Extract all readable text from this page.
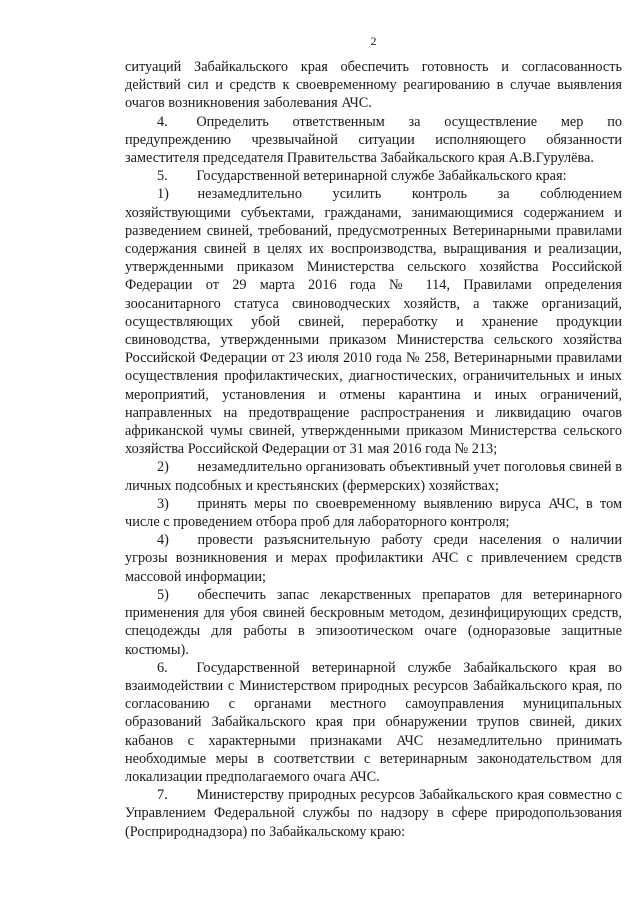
2

ситуаций Забайкальского края обеспечить готовность и согласованность действий сил и средств к своевременному реагированию в случае выявления очагов возникновения заболевания АЧС.

4.  Определить ответственным за осуществление мер по предупреждению чрезвычайной ситуации исполняющего обязанности заместителя председателя Правительства Забайкальского края А.В.Гурулёва.

5.  Государственной ветеринарной службе Забайкальского края:

1)  незамедлительно усилить контроль за соблюдением хозяйствующими субъектами, гражданами, занимающимися содержанием и разведением свиней, требований, предусмотренных Ветеринарными правилами содержания свиней в целях их воспроизводства, выращивания и реализации, утвержденными приказом Министерства сельского хозяйства Российской Федерации от 29 марта 2016 года № 114, Правилами определения зоосанитарного статуса свиноводческих хозяйств, а также организаций, осуществляющих убой свиней, переработку и хранение продукции свиноводства, утвержденными приказом Министерства сельского хозяйства Российской Федерации от 23 июля 2010 года № 258, Ветеринарными правилами осуществления профилактических, диагностических, ограничительных и иных мероприятий, установления и отмены карантина и иных ограничений, направленных на предотвращение распространения и ликвидацию очагов африканской чумы свиней, утвержденными приказом Министерства сельского хозяйства Российской Федерации от 31 мая 2016 года № 213;

2)  незамедлительно организовать объективный учет поголовья свиней в личных подсобных и крестьянских (фермерских) хозяйствах;

3)  принять меры по своевременному выявлению вируса АЧС, в том числе с проведением отбора проб для лабораторного контроля;

4)  провести разъяснительную работу среди населения о наличии угрозы возникновения и мерах профилактики АЧС с привлечением средств массовой информации;

5)  обеспечить запас лекарственных препаратов для ветеринарного применения для убоя свиней бескровным методом, дезинфицирующих средств, спецодежды для работы в эпизоотическом очаге (одноразовые защитные костюмы).

6.  Государственной ветеринарной службе Забайкальского края во взаимодействии с Министерством природных ресурсов Забайкальского края, по согласованию с органами местного самоуправления муниципальных образований Забайкальского края при обнаружении трупов свиней, диких кабанов с характерными признаками АЧС незамедлительно принимать необходимые меры в соответствии с ветеринарным законодательством для локализации предполагаемого очага АЧС.

7.  Министерству природных ресурсов Забайкальского края совместно с Управлением Федеральной службы по надзору в сфере природопользования (Росприроднадзора) по Забайкальскому краю:
